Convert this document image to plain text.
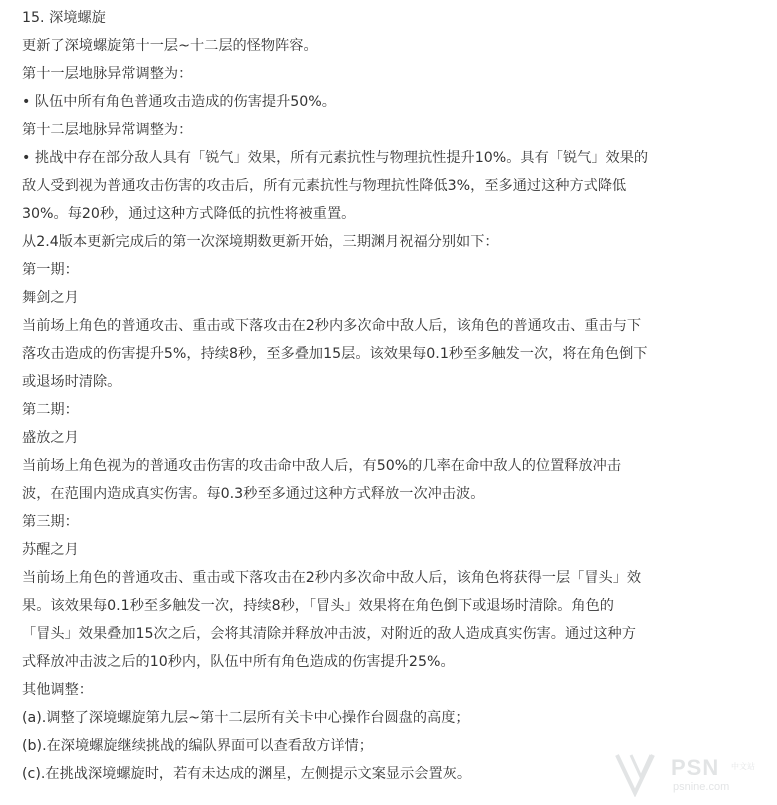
15. 深境螺旋

更新了深境螺旋第十一层~十二层的怪物阵容。

第十一层地脉异常调整为：

• 队伍中所有角色普通攻击造成的伤害提升50%。

第十二层地脉异常调整为：

• 挑战中存在部分敌人具有「锐气」效果，所有元素抗性与物理抗性提升10%。具有「锐气」效果的

敌人受到视为普通攻击伤害的攻击后，所有元素抗性与物理抗性降低3%，至多通过这种方式降低

30%。每20秒，通过这种方式降低的抗性将被重置。

从2.4版本更新完成后的第一次深境期数更新开始，三期渊月祝福分别如下：

第一期：

舞剑之月

当前场上角色的普通攻击、重击或下落攻击在2秒内多次命中敌人后，该角色的普通攻击、重击与下

落攻击造成的伤害提升5%，持续8秒，至多叠加15层。该效果每0.1秒至多触发一次，将在角色倒下

或退场时清除。

第二期：

盛放之月

当前场上角色视为的普通攻击伤害的攻击命中敌人后，有50%的几率在命中敌人的位置释放冲击

波，在范围内造成真实伤害。每0.3秒至多通过这种方式释放一次冲击波。

第三期：

苏醒之月

当前场上角色的普通攻击、重击或下落攻击在2秒内多次命中敌人后，该角色将获得一层「冒头」效

果。该效果每0.1秒至多触发一次，持续8秒，「冒头」效果将在角色倒下或退场时清除。角色的

「冒头」效果叠加15次之后，会将其清除并释放冲击波，对附近的敌人造成真实伤害。通过这种方

式释放冲击波之后的10秒内，队伍中所有角色造成的伤害提升25%。

其他调整：

(a).调整了深境螺旋第九层~第十二层所有关卡中心操作台圆盘的高度；

(b).在深境螺旋继续挑战的编队界面可以查看敌方详情；

(c).在挑战深境螺旋时，若有未达成的渊星，左侧提示文案显示会置灰。	PSN 中文站
psnine.com
